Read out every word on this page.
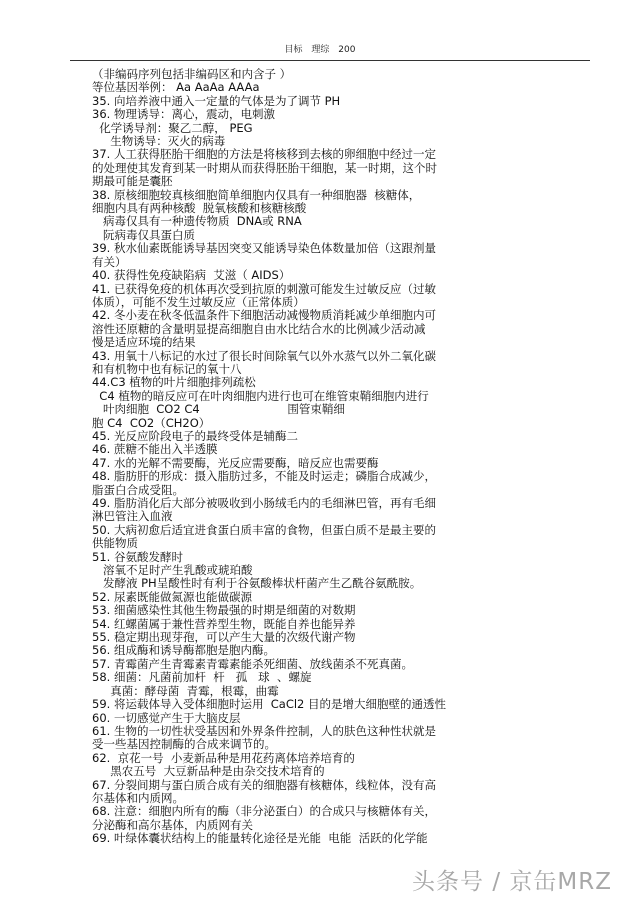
目标 理综 200
（非编码序列包括非编码区和内含子 ）
等位基因举例： Aa AaAa AAAa
35. 向培养液中通入一定量的气体是为了调节 PH
36. 物理诱导：离心，震动，电刺激
化学诱导剂：聚乙二醇， PEG
生物诱导：灭火的病毒
37. 人工获得胚胎干细胞的方法是将核移到去核的卵细胞中经过一定
的处理使其发育到某一时期从而获得胚胎干细胞，某一时期，这个时
期最可能是囊胚
38. 原核细胞较真核细胞简单细胞内仅具有一种细胞器  核糖体，
细胞内具有两种核酸  脱氧核酸和核糖核酸
病毒仅具有一种遗传物质  DNA或 RNA
阮病毒仅具蛋白质
39. 秋水仙素既能诱导基因突变又能诱导染色体数量加倍（这跟剂量
有关）
40. 获得性免疫缺陷病  艾滋（ AIDS）
41. 已获得免疫的机体再次受到抗原的刺激可能发生过敏反应（过敏
体质），可能不发生过敏反应（正常体质）
42. 冬小麦在秋冬低温条件下细胞活动减慢物质消耗减少单细胞内可
溶性还原糖的含量明显提高细胞自由水比结合水的比例减少活动减
慢是适应环境的结果
43. 用氧十八标记的水过了很长时间除氧气以外水蒸气以外二氧化碳
和有机物中也有标记的氧十八
44.C3 植物的叶片细胞排列疏松
C4 植物的暗反应可在叶肉细胞内进行也可在维管束鞘细胞内进行
叶肉细胞  CO2 C4                        围管束鞘细
胞 C4  CO2（CH2O）
45. 光反应阶段电子的最终受体是辅酶二
46. 蔗糖不能出入半透膜
47. 水的光解不需要酶，光反应需要酶，暗反应也需要酶
48. 脂肪肝的形成：摄入脂肪过多，不能及时运走；磷脂合成减少，
脂蛋白合成受阻。
49. 脂肪消化后大部分被吸收到小肠绒毛内的毛细淋巴管，再有毛细
淋巴管注入血液
50. 大病初愈后适宜进食蛋白质丰富的食物，但蛋白质不是最主要的
供能物质
51. 谷氨酸发酵时
溶氧不足时产生乳酸或琥珀酸
发酵液 PH呈酸性时有利于谷氨酸棒状杆菌产生乙酰谷氨酰胺。
52. 尿素既能做氮源也能做碳源
53. 细菌感染性其他生物最强的时期是细菌的对数期
54. 红螺菌属于兼性营养型生物，既能自养也能异养
55. 稳定期出现芽孢，可以产生大量的次级代谢产物
56. 组成酶和诱导酶都胞是胞内酶。
57. 青霉菌产生青霉素青霉素能杀死细菌、放线菌杀不死真菌。
58. 细菌：凡菌前加杆  杆   孤   球  、螺旋
真菌：酵母菌  青霉，根霉，曲霉
59. 将运载体导入受体细胞时运用  CaCl2 目的是增大细胞壁的通透性
60. 一切感觉产生于大脑皮层
61. 生物的一切性状受基因和外界条件控制，人的肤色这种性状就是
受一些基因控制酶的合成来调节的。
62.  京花一号  小麦新品种是用花药离体培养培育的
黑农五号  大豆新品种是由杂交技术培育的
67. 分裂间期与蛋白质合成有关的细胞器有核糖体，线粒体，没有高
尔基体和内质网。
68. 注意：细胞内所有的酶（非分泌蛋白）的合成只与核糖体有关，
分泌酶和高尔基体，内质网有关
69. 叶绿体囊状结构上的能量转化途径是光能  电能  活跃的化学能
头条号 / 京缶MRZ
